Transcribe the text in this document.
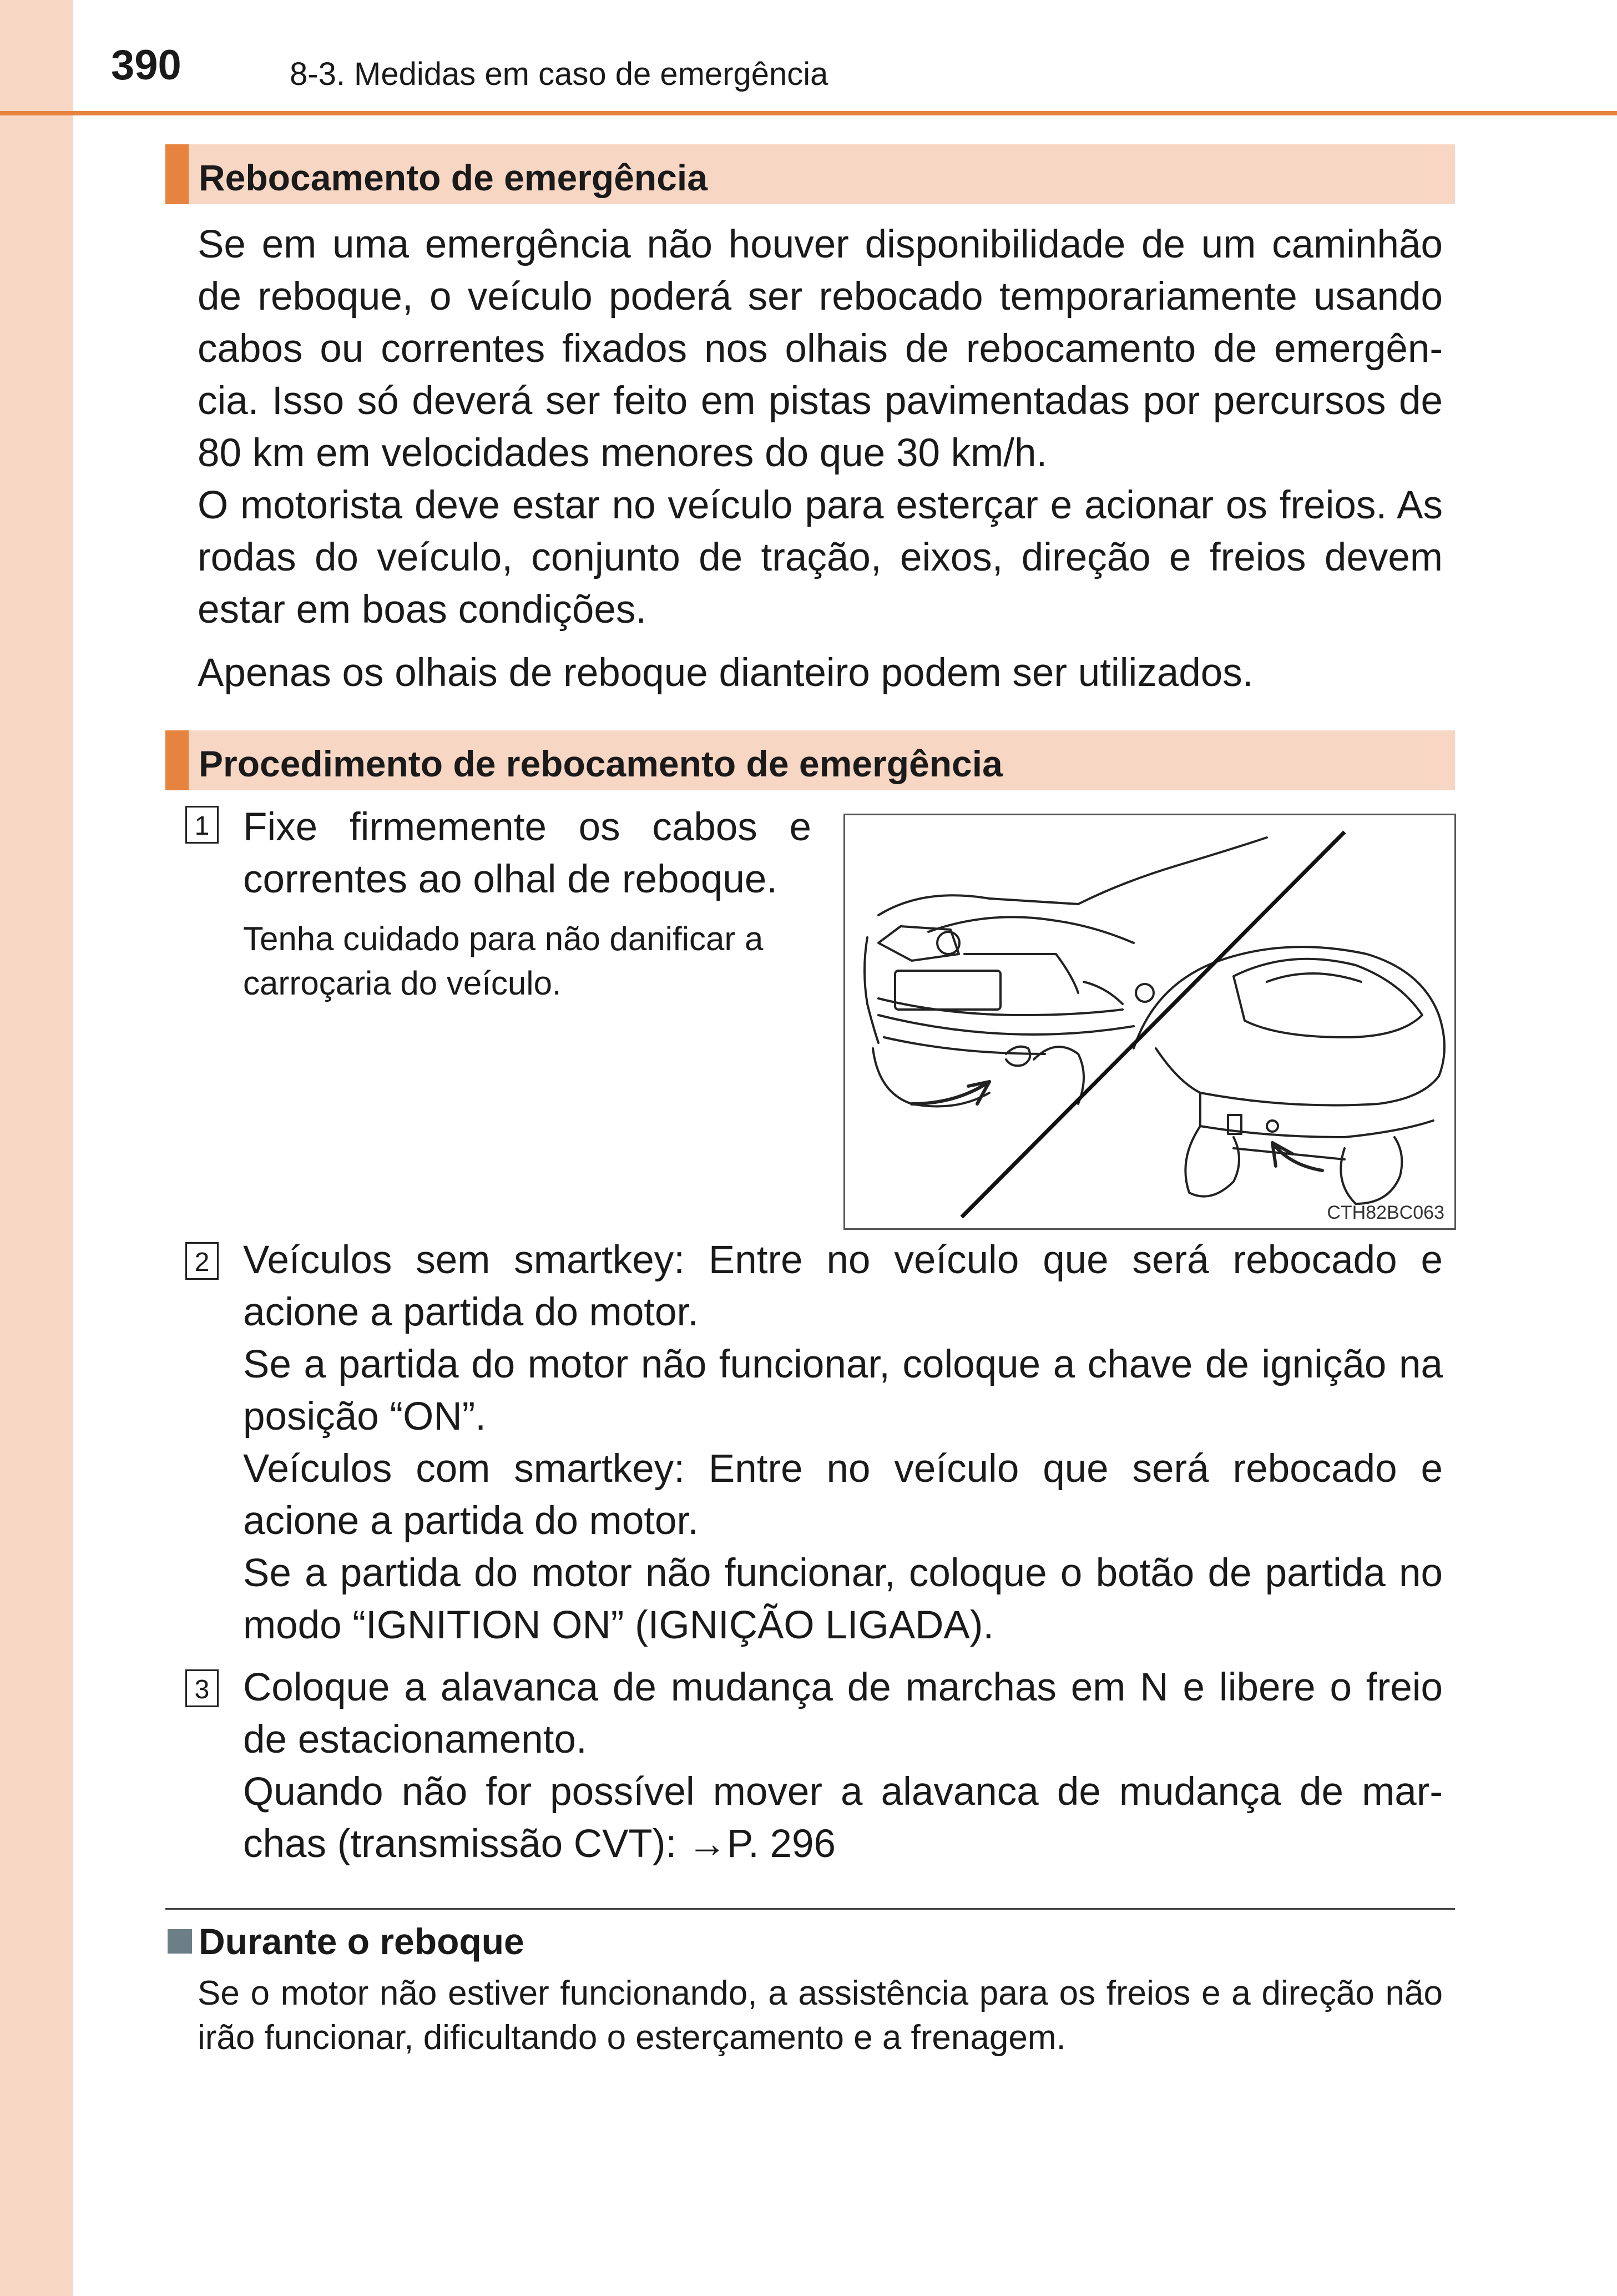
390	8-3. Medidas em caso de emergência
Rebocamento de emergência
Se em uma emergência não houver disponibilidade de um caminhão de reboque, o veículo poderá ser rebocado temporariamente usando cabos ou correntes fixados nos olhais de rebocamento de emergên-cia. Isso só deverá ser feito em pistas pavimentadas por percursos de 80 km em velocidades menores do que 30 km/h.
O motorista deve estar no veículo para esterçar e acionar os freios. As rodas do veículo, conjunto de tração, eixos, direção e freios devem estar em boas condições.
Apenas os olhais de reboque dianteiro podem ser utilizados.
Procedimento de rebocamento de emergência
1 Fixe firmemente os cabos e correntes ao olhal de reboque.
Tenha cuidado para não danificar a carroçaria do veículo.
CTH82BC063
2 Veículos sem smartkey: Entre no veículo que será rebocado e acione a partida do motor.
Se a partida do motor não funcionar, coloque a chave de ignição na posição “ON”.
Veículos com smartkey: Entre no veículo que será rebocado e acione a partida do motor.
Se a partida do motor não funcionar, coloque o botão de partida no modo “IGNITION ON” (IGNIÇÃO LIGADA).
3 Coloque a alavanca de mudança de marchas em N e libere o freio de estacionamento.
Quando não for possível mover a alavanca de mudança de mar-chas (transmissão CVT): →P. 296
Durante o reboque
Se o motor não estiver funcionando, a assistência para os freios e a direção não irão funcionar, dificultando o esterçamento e a frenagem.
